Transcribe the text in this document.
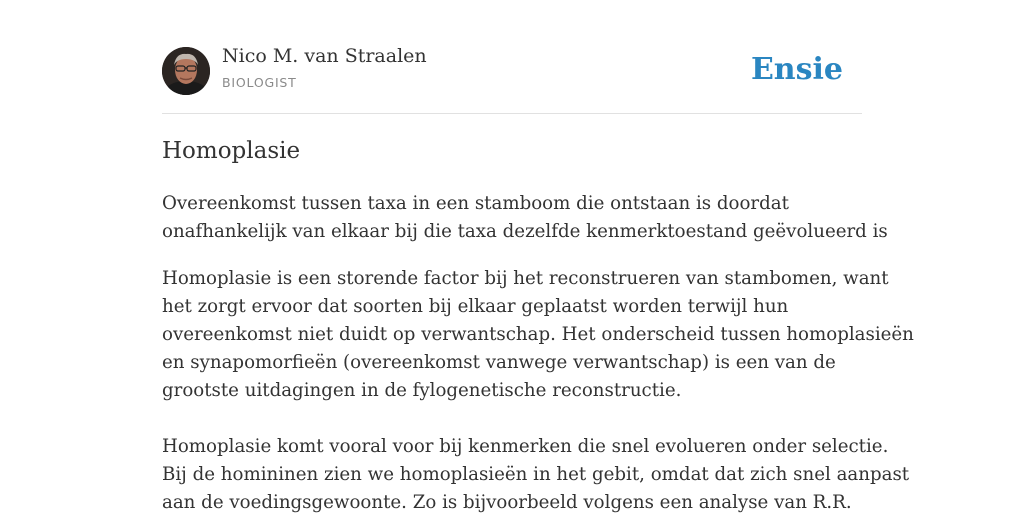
Nico M. van Straalen
BIOLOGIST	Ensie
Homoplasie
Overeenkomst tussen taxa in een stamboom die ontstaan is doordat
onafhankelijk van elkaar bij die taxa dezelfde kenmerktoestand geëvolueerd is

Homoplasie is een storende factor bij het reconstrueren van stambomen, want
het zorgt ervoor dat soorten bij elkaar geplaatst worden terwijl hun
overeenkomst niet duidt op verwantschap. Het onderscheid tussen homoplasieën
en synapomorfieën (overeenkomst vanwege verwantschap) is een van de
grootste uitdagingen in de fylogenetische reconstructie.

Homoplasie komt vooral voor bij kenmerken die snel evolueren onder selectie.
Bij de homininen zien we homoplasieën in het gebit, omdat dat zich snel aanpast
aan de voedingsgewoonte. Zo is bijvoorbeeld volgens een analyse van R.R.
